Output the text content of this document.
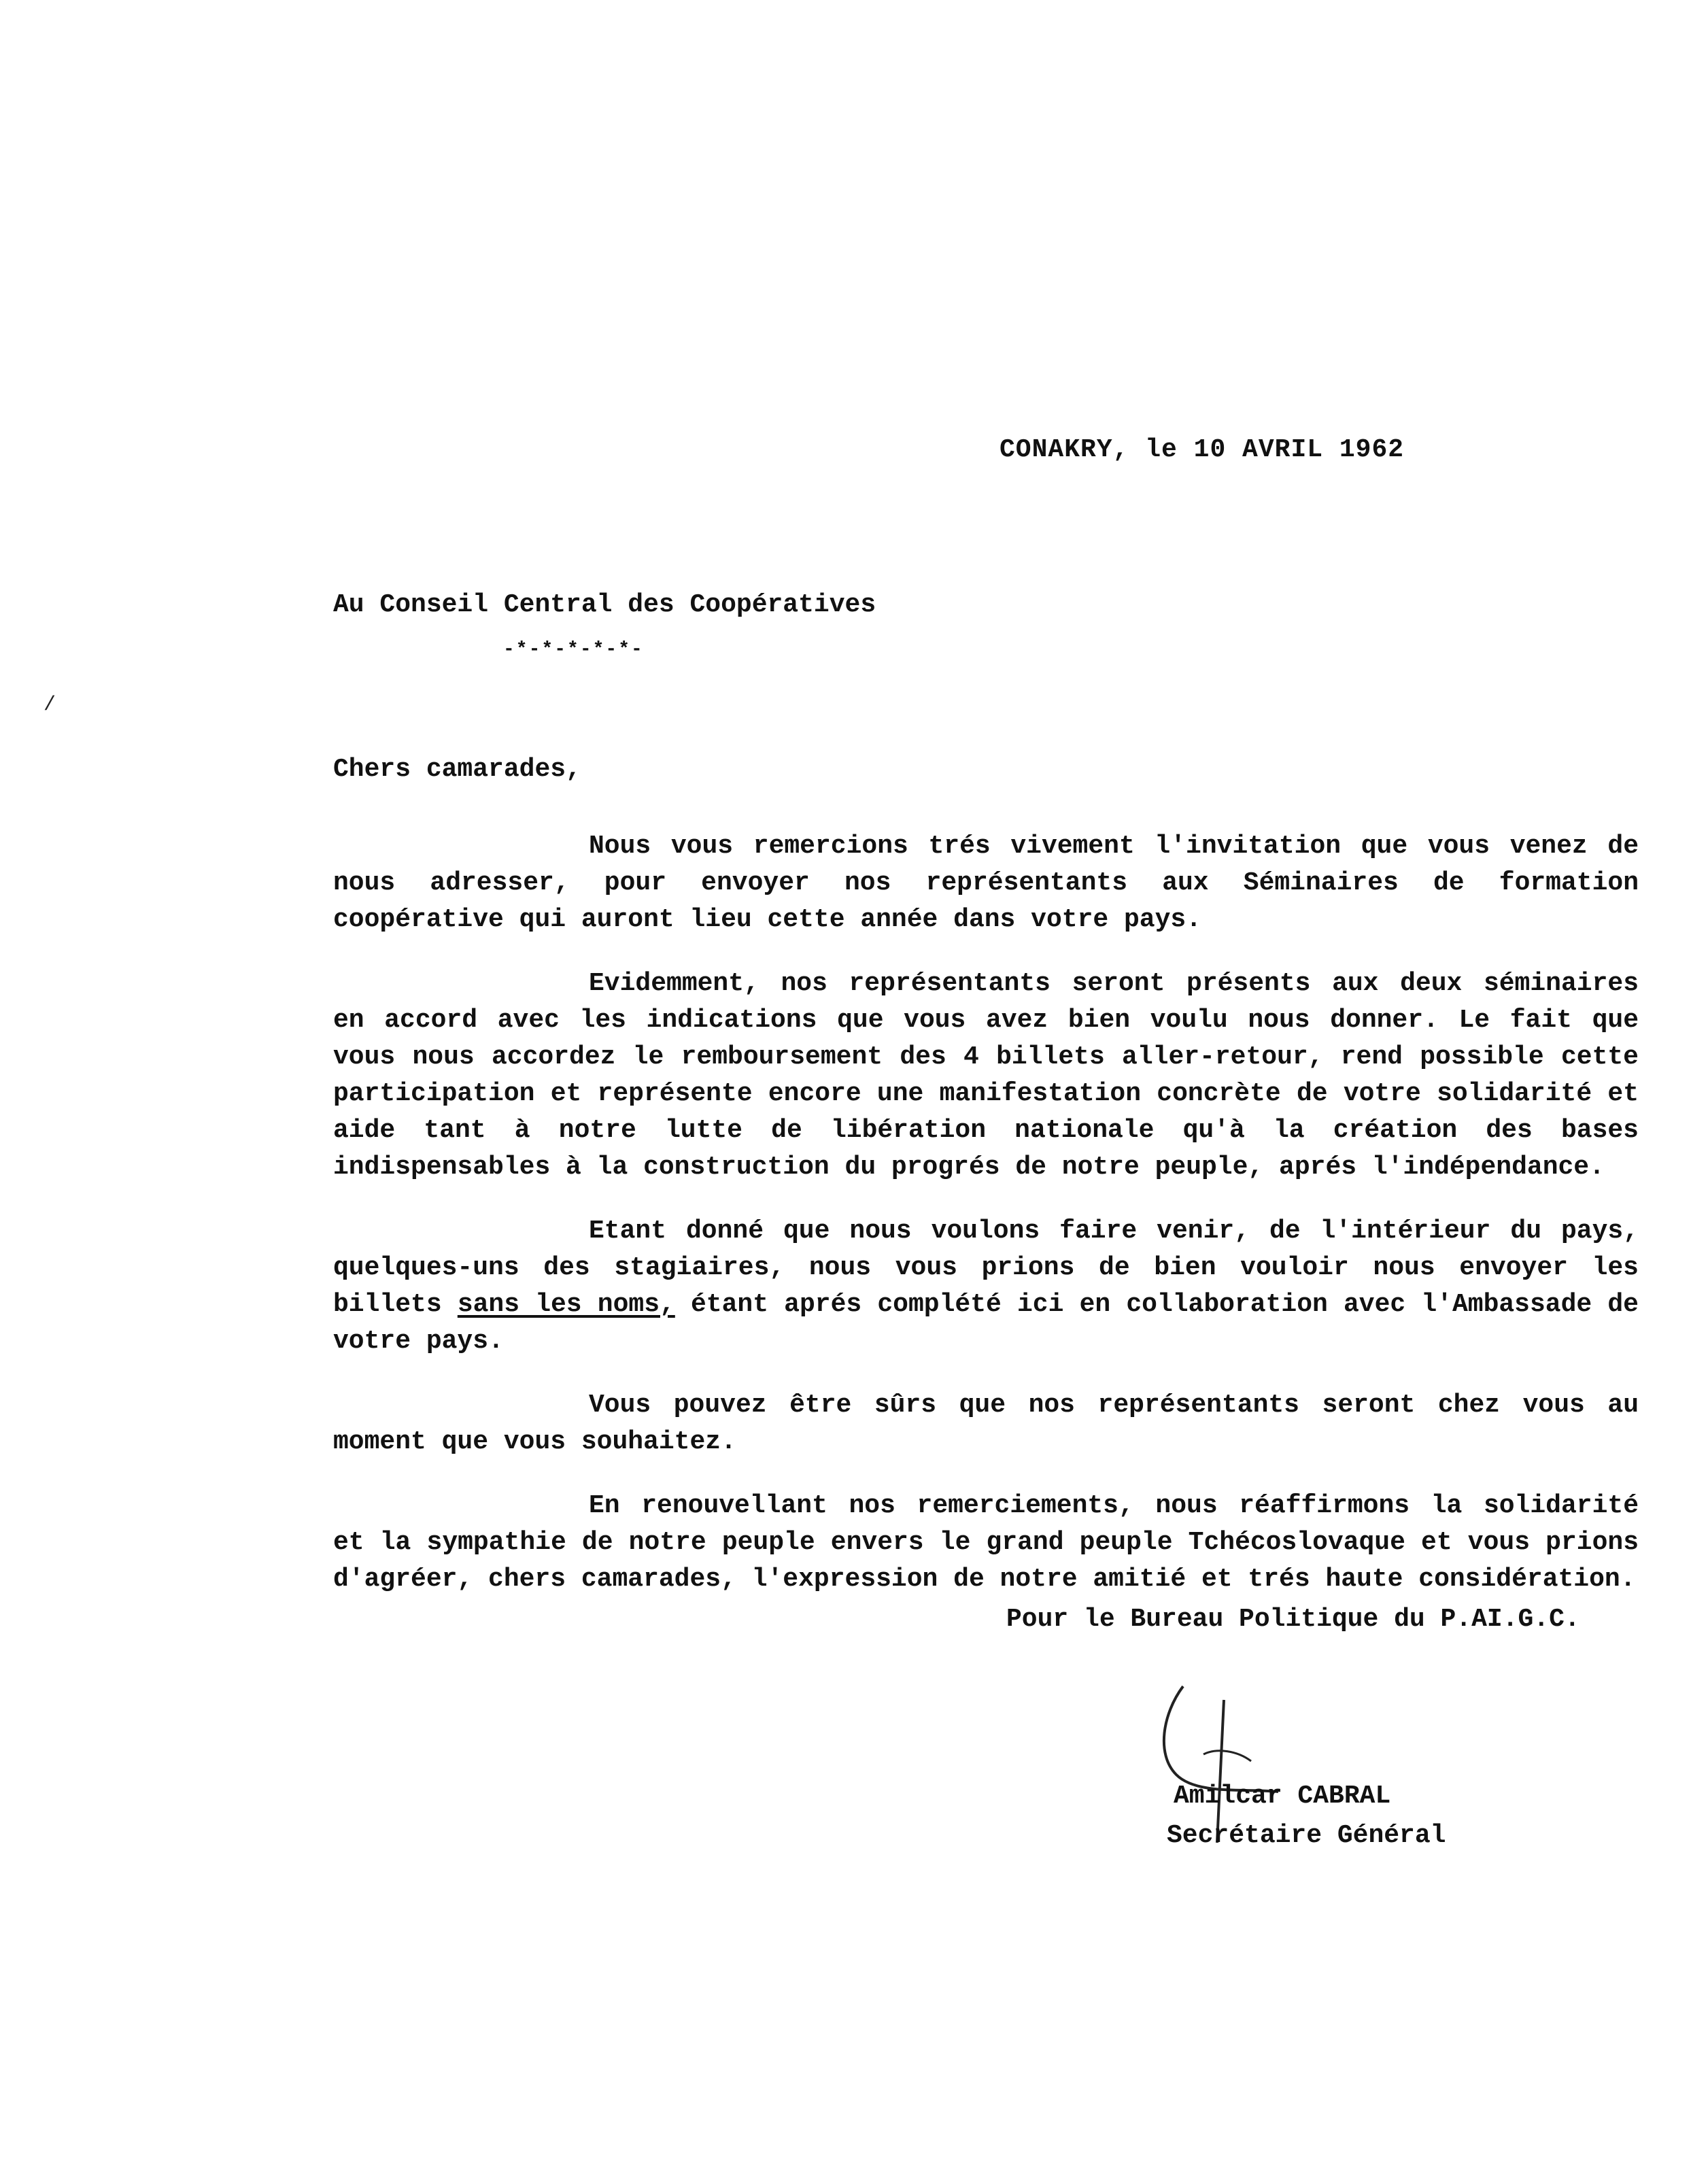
CONAKRY, le 10 AVRIL 1962
Au Conseil Central des Coopératives
-*-*-*-*-*-
/
Chers camarades,

Nous vous remercions trés vivement l'invitation que vous venez de nous adresser, pour envoyer nos représentants aux Séminaires de formation coopérative qui auront lieu cette année dans votre pays.

Evidemment, nos représentants seront présents aux deux séminaires en accord avec les indications que vous avez bien voulu nous donner. Le fait que vous nous accordez le remboursement des 4 billets aller-retour, rend possible cette participation et représente encore une manifestation concrète de votre solidarité et aide tant à notre lutte de libération nationale qu'à la création des bases indispensables à la construction du progrés de notre peuple, aprés l'indépendance.

Etant donné que nous voulons faire venir, de l'intérieur du pays, quelques-uns des stagiaires, nous vous prions de bien vouloir nous envoyer les billets sans les noms, étant aprés complété ici en collaboration avec l'Ambassade de votre pays.

Vous pouvez être sûrs que nos représentants seront chez vous au moment que vous souhaitez.

En renouvellant nos remerciements, nous réaffirmons la solidarité et la sympathie de notre peuple envers le grand peuple Tchécoslovaque et vous prions d'agréer, chers camarades, l'expression de notre amitié et trés haute considération.

Pour le Bureau Politique du P.AI.G.C.
Amilcar CABRAL
Secrétaire Général
